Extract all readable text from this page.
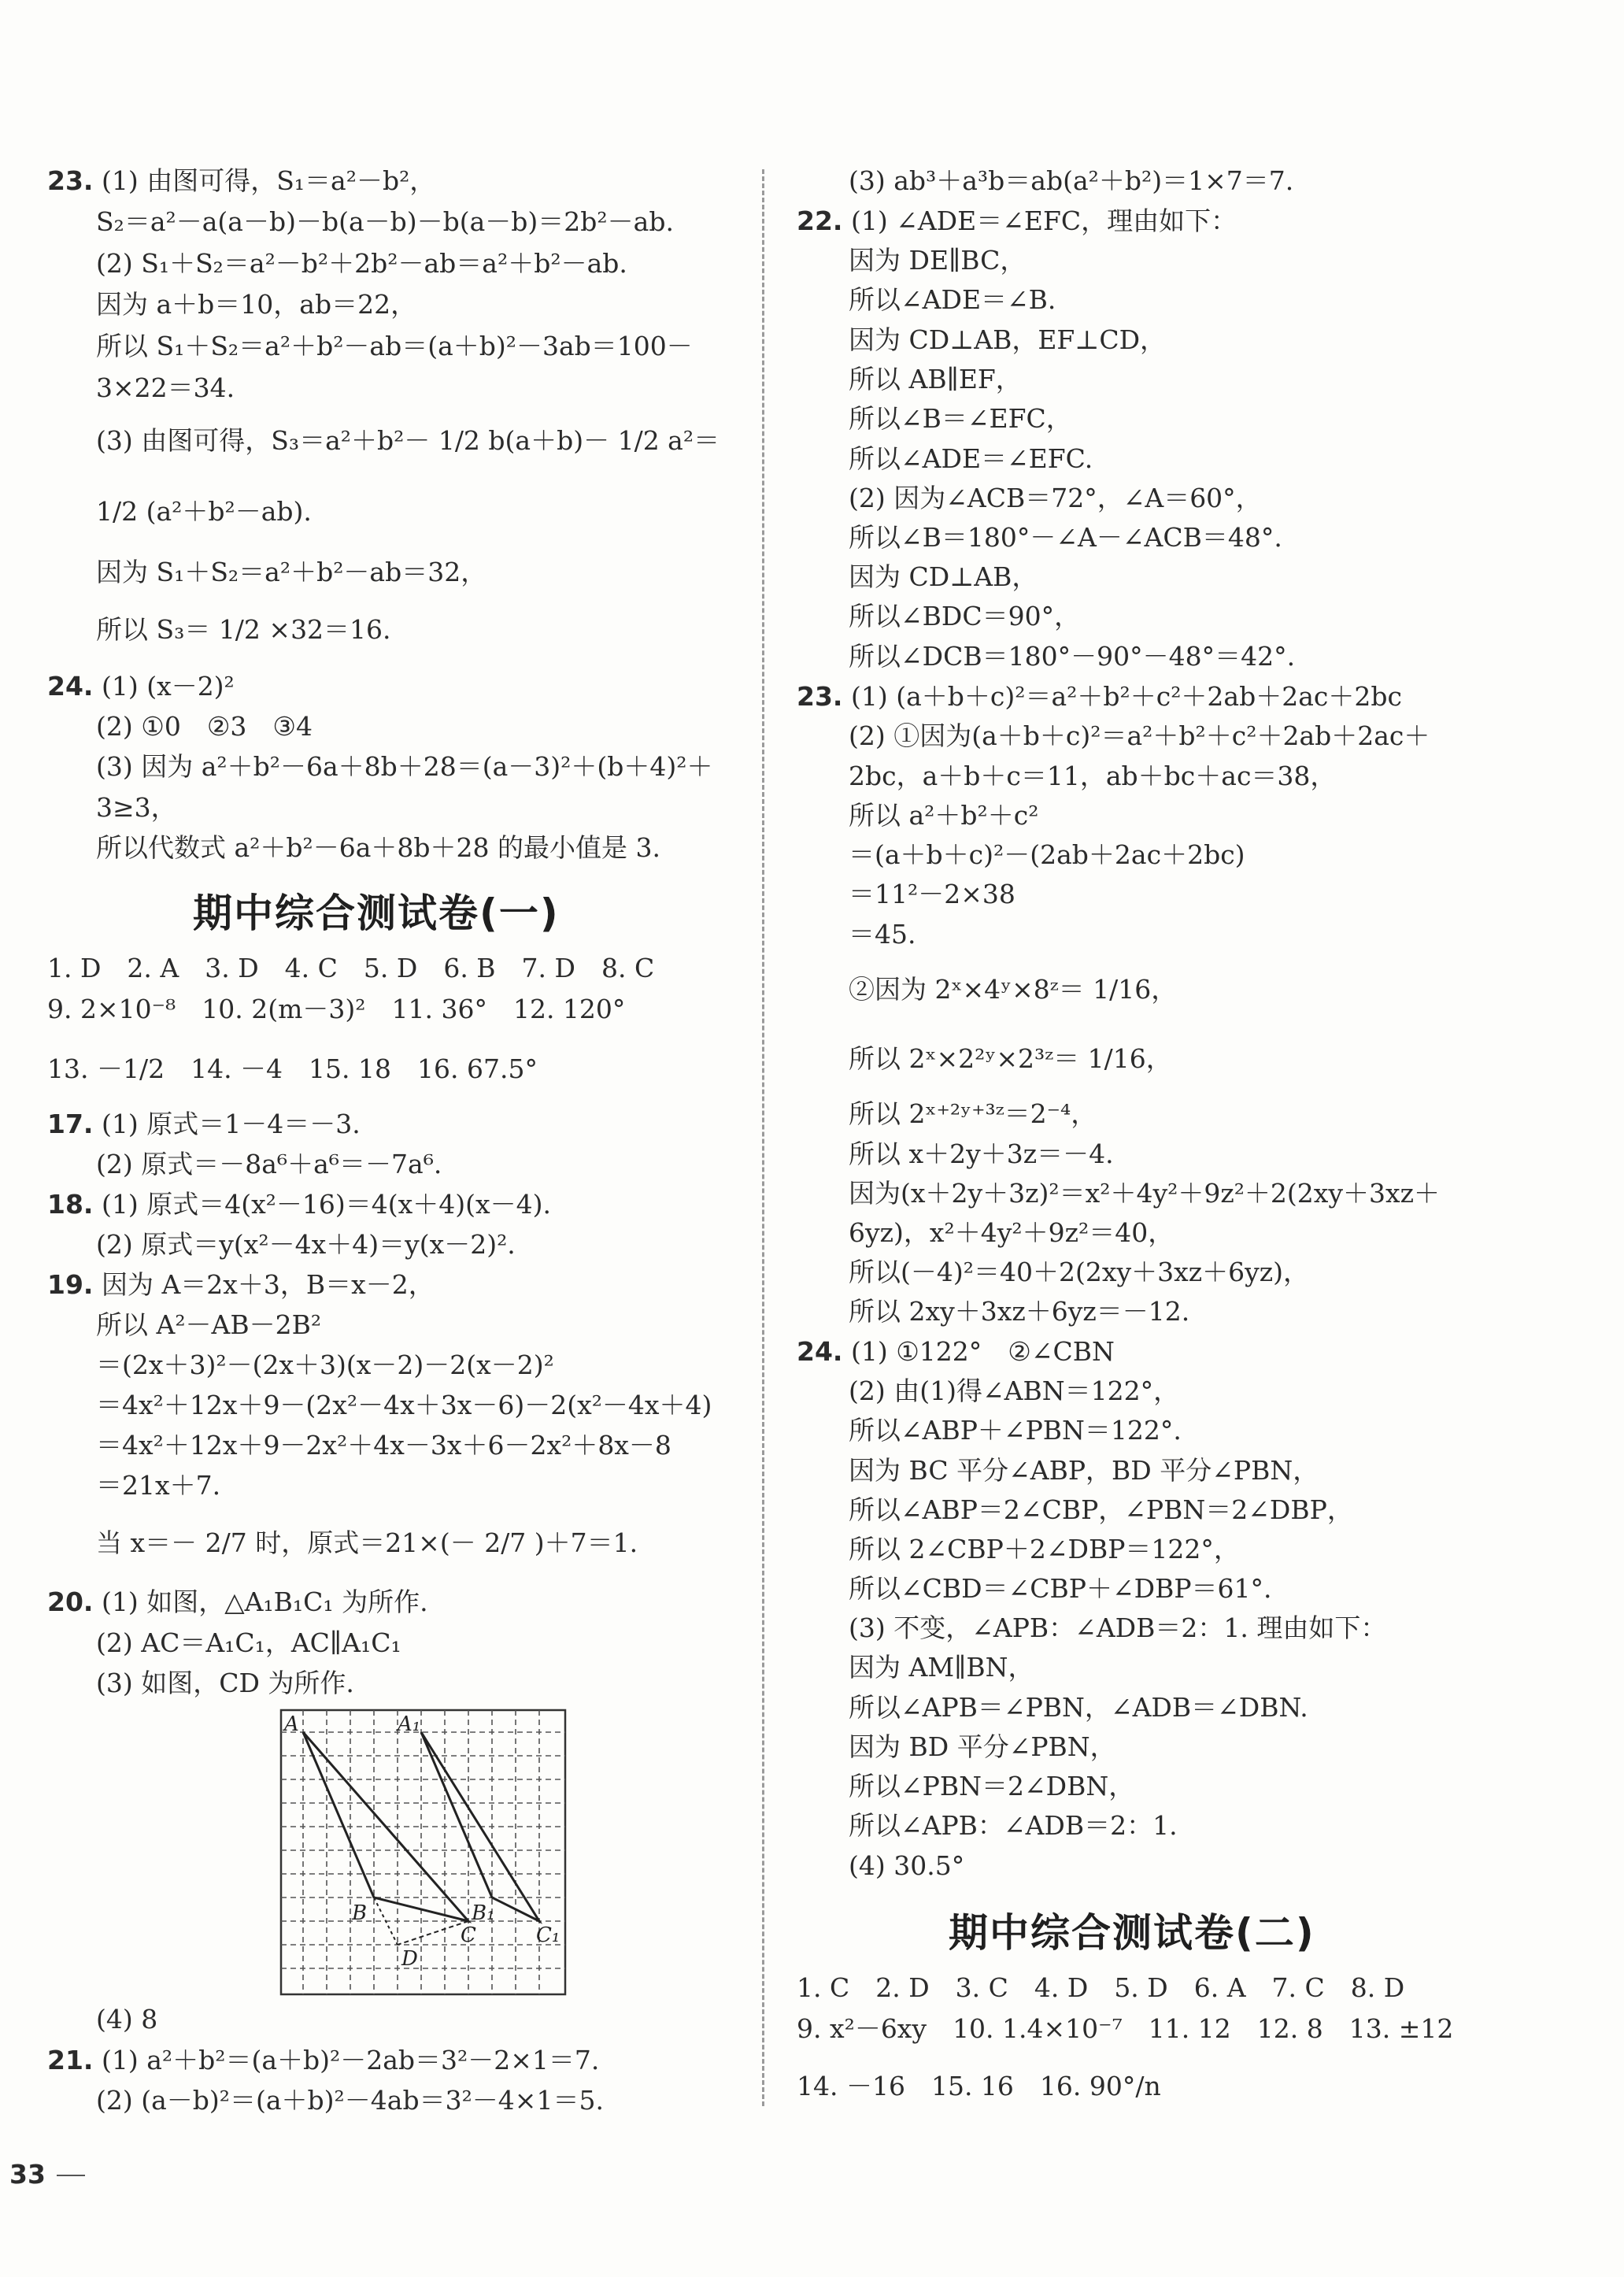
23. (1) 由图可得，S₁＝a²－b²，
S₂＝a²－a(a－b)－b(a－b)－b(a－b)＝2b²－ab.
(2) S₁＋S₂＝a²－b²＋2b²－ab＝a²＋b²－ab.
因为 a＋b＝10，ab＝22，
所以 S₁＋S₂＝a²＋b²－ab＝(a＋b)²－3ab＝100－
3×22＝34.
(3) 由图可得，S₃＝a²＋b²－ 1/2 b(a＋b)－ 1/2 a²＝
1/2 (a²＋b²－ab).
因为 S₁＋S₂＝a²＋b²－ab＝32，
所以 S₃＝ 1/2 ×32＝16.
24. (1) (x－2)²
(2) ①0　②3　③4
(3) 因为 a²＋b²－6a＋8b＋28＝(a－3)²＋(b＋4)²＋
3≥3，
所以代数式 a²＋b²－6a＋8b＋28 的最小值是 3.
期中综合测试卷(一)
1. D　2. A　3. D　4. C　5. D　6. B　7. D　8. C
9. 2×10⁻⁸　10. 2(m－3)²　11. 36°　12. 120°
13. －1/2　14. －4　15. 18　16. 67.5°
17. (1) 原式＝1－4＝－3.
(2) 原式＝－8a⁶＋a⁶＝－7a⁶.
18. (1) 原式＝4(x²－16)＝4(x＋4)(x－4).
(2) 原式＝y(x²－4x＋4)＝y(x－2)².
19. 因为 A＝2x＋3，B＝x－2，
所以 A²－AB－2B²
＝(2x＋3)²－(2x＋3)(x－2)－2(x－2)²
＝4x²＋12x＋9－(2x²－4x＋3x－6)－2(x²－4x＋4)
＝4x²＋12x＋9－2x²＋4x－3x＋6－2x²＋8x－8
＝21x＋7.
当 x＝－ 2/7 时，原式＝21×(－ 2/7 )＋7＝1.
20. (1) 如图，△A₁B₁C₁ 为所作.
(2) AC＝A₁C₁，AC∥A₁C₁
(3) 如图，CD 为所作.
(4) 8
21. (1) a²＋b²＝(a＋b)²－2ab＝3²－2×1＝7.
(2) (a－b)²＝(a＋b)²－4ab＝3²－4×1＝5.
A	A₁
B	B₁
C	C₁
D
(3) ab³＋a³b＝ab(a²＋b²)＝1×7＝7.
22. (1) ∠ADE＝∠EFC，理由如下：
因为 DE∥BC，
所以∠ADE＝∠B.
因为 CD⊥AB，EF⊥CD，
所以 AB∥EF，
所以∠B＝∠EFC，
所以∠ADE＝∠EFC.
(2) 因为∠ACB＝72°，∠A＝60°，
所以∠B＝180°－∠A－∠ACB＝48°.
因为 CD⊥AB，
所以∠BDC＝90°，
所以∠DCB＝180°－90°－48°＝42°.
23. (1) (a＋b＋c)²＝a²＋b²＋c²＋2ab＋2ac＋2bc
(2) ①因为(a＋b＋c)²＝a²＋b²＋c²＋2ab＋2ac＋
2bc，a＋b＋c＝11，ab＋bc＋ac＝38，
所以 a²＋b²＋c²
＝(a＋b＋c)²－(2ab＋2ac＋2bc)
＝11²－2×38
＝45.
②因为 2ˣ×4ʸ×8ᶻ＝ 1/16，
所以 2ˣ×2²ʸ×2³ᶻ＝ 1/16，
所以 2ˣ⁺²ʸ⁺³ᶻ＝2⁻⁴，
所以 x＋2y＋3z＝－4.
因为(x＋2y＋3z)²＝x²＋4y²＋9z²＋2(2xy＋3xz＋
6yz)，x²＋4y²＋9z²＝40，
所以(－4)²＝40＋2(2xy＋3xz＋6yz)，
所以 2xy＋3xz＋6yz＝－12.
24. (1) ①122°　②∠CBN
(2) 由(1)得∠ABN＝122°，
所以∠ABP＋∠PBN＝122°.
因为 BC 平分∠ABP，BD 平分∠PBN，
所以∠ABP＝2∠CBP，∠PBN＝2∠DBP，
所以 2∠CBP＋2∠DBP＝122°，
所以∠CBD＝∠CBP＋∠DBP＝61°.
(3) 不变，∠APB：∠ADB＝2：1. 理由如下：
因为 AM∥BN，
所以∠APB＝∠PBN，∠ADB＝∠DBN.
因为 BD 平分∠PBN，
所以∠PBN＝2∠DBN，
所以∠APB：∠ADB＝2：1.
(4) 30.5°
期中综合测试卷(二)
1. C　2. D　3. C　4. D　5. D　6. A　7. C　8. D
9. x²－6xy　10. 1.4×10⁻⁷　11. 12　12. 8　13. ±12
14. －16　15. 16　16. 90°/n
33
